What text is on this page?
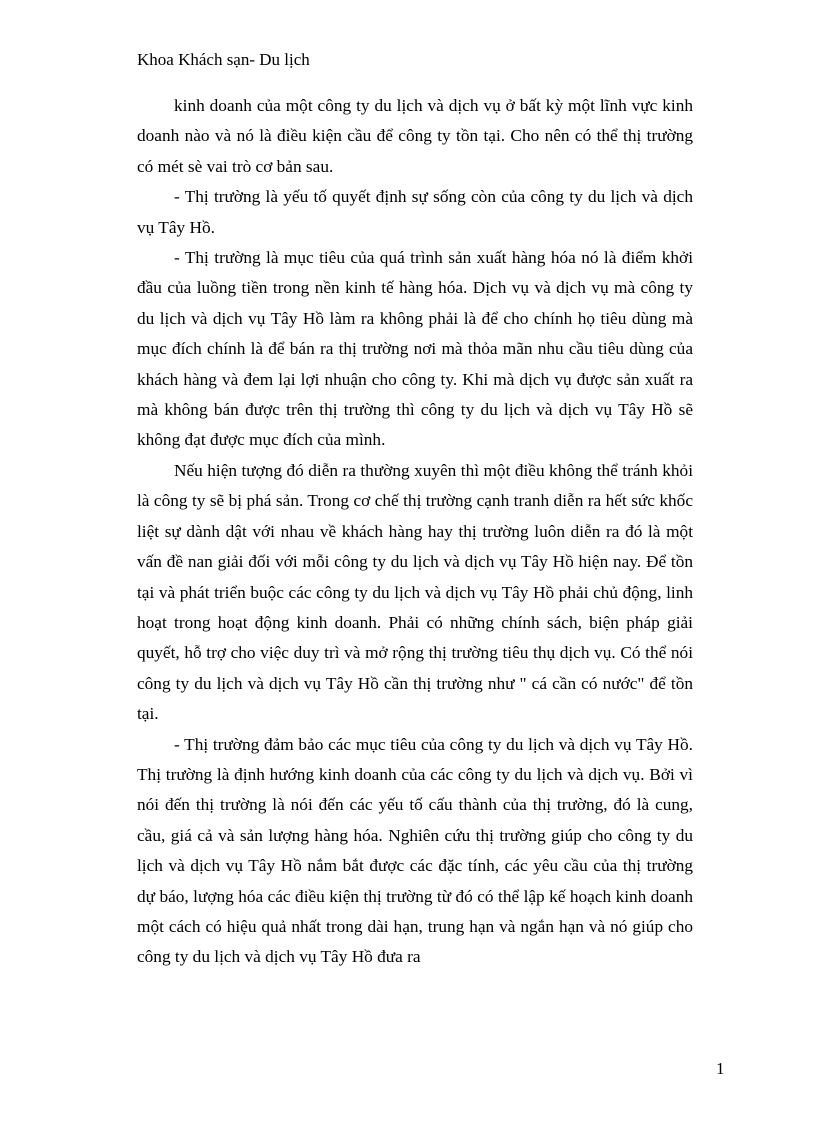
Khoa Khách sạn- Du lịch

kinh doanh của một công ty du lịch và dịch vụ ở bất kỳ một lĩnh vực kinh doanh nào và nó là điều kiện cầu để công ty tồn tại. Cho nên có thể thị trường có mét sè vai trò cơ bản sau.

- Thị trường là yếu tố quyết định sự sống còn của công ty du lịch và dịch vụ Tây Hồ.

- Thị trường là mục tiêu của quá trình sản xuất hàng hóa nó là điểm khởi đầu của luồng tiền trong nền kinh tế hàng hóa. Dịch vụ và dịch vụ mà công ty du lịch và dịch vụ Tây Hồ làm ra không phải là để cho chính họ tiêu dùng mà mục đích chính là để bán ra thị trường nơi mà thỏa mãn nhu cầu tiêu dùng của khách hàng và đem lại lợi nhuận cho công ty. Khi mà dịch vụ được sản xuất ra mà không bán được trên thị trường thì công ty du lịch và dịch vụ Tây Hồ sẽ không đạt được mục đích của mình.

Nếu hiện tượng đó diễn ra thường xuyên thì một điều không thể tránh khỏi là công ty sẽ bị phá sản. Trong cơ chế thị trường cạnh tranh diễn ra hết sức khốc liệt sự dành dật với nhau về khách hàng hay thị trường luôn diễn ra đó là một vấn đề nan giải đối với mỗi công ty du lịch và dịch vụ Tây Hồ hiện nay. Để tồn tại và phát triển buộc các công ty du lịch và dịch vụ Tây Hồ phải chủ động, linh hoạt trong hoạt động kinh doanh. Phải có những chính sách, biện pháp giải quyết, hỗ trợ cho việc duy trì và mở rộng thị trường tiêu thụ dịch vụ. Có thể nói công ty du lịch và dịch vụ Tây Hồ cần thị trường như " cá cần có nước" để tồn tại.

- Thị trường đảm bảo các mục tiêu của công ty du lịch và dịch vụ Tây Hồ. Thị trường là định hướng kinh doanh của các công ty du lịch và dịch vụ. Bởi vì nói đến thị trường là nói đến các yếu tố cấu thành của thị trường, đó là cung, cầu, giá cả và sản lượng hàng hóa. Nghiên cứu thị trường giúp cho công ty du lịch và dịch vụ Tây Hồ nắm bắt được các đặc tính, các yêu cầu của thị trường dự báo, lượng hóa các điều kiện thị trường từ đó có thể lập kế hoạch kinh doanh một cách có hiệu quả nhất trong dài hạn, trung hạn và ngắn hạn và nó giúp cho công ty du lịch và dịch vụ Tây Hồ đưa ra

1
